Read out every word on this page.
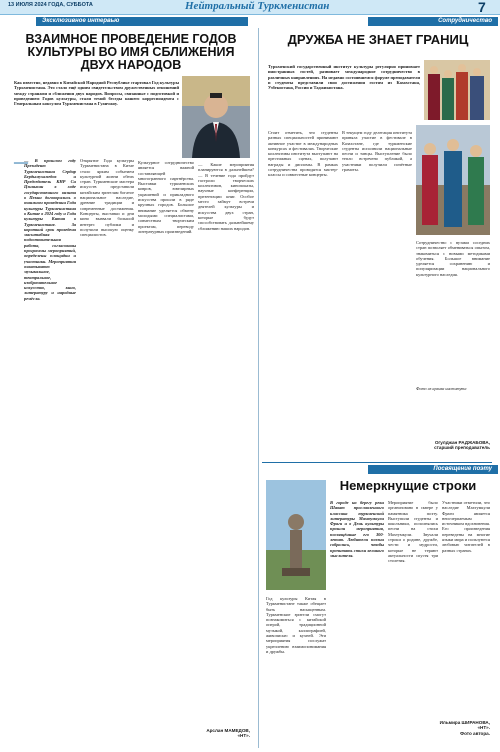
13 ИЮЛЯ 2024 ГОДА, СУББОТА	Нейтральный Туркменистан	7
Эксклюзивное интервью
ВЗАИМНОЕ ПРОВЕДЕНИЕ ГОДОВ КУЛЬТУРЫ ВО ИМЯ СБЛИЖЕНИЯ ДВУХ НАРОДОВ
Как известно, недавно в Китайской Народной Республике стартовал Год культуры Туркменистана. Это стало ещё одним свидетельством дружественных отношений между странами и сближения двух народов. Вопросы, связанные с подготовкой и проведением Годов культуры, стали темой беседы нашего корреспондента с Генеральным консулом Туркменистана в Гуанчжоу.
—
— В прошлом году Президент Туркменистана Сердар Бердымухамедов и Председатель КНР Си Цзиньпин в ходе государственного визита в Пекин договорились о взаимном проведении Года культуры Туркменистана в Китае в 2024 году и Года культуры Китая в Туркменистане. За короткий срок проведена масштабная подготовительная работа, согласованы программы мероприятий, определены площадки и участники. Мероприятия охватывают музыкальное, театральное, изобразительное искусство, кино, литературу и народные ремёсла.
Открытие Года культуры Туркменистана в Китае стало ярким событием культурной жизни обеих стран. Туркменские мастера искусств представили китайским зрителям богатое национальное наследие, древние традиции и современные достижения. Концерты, выставки и дни кино вызвали большой интерес публики и получили высокую оценку специалистов.
Культурное сотрудничество является важной составляющей многогранного партнёрства. Выставки туркменских ковров, ювелирных украшений и прикладного искусства прошли в ряде крупных городов. Большое внимание уделяется обмену молодыми специалистами, совместным творческим проектам, переводу литературных произведений.
— Какие мероприятия планируются в дальнейшем? — В течение года пройдут гастроли творческих коллективов, кинопоказы, научные конференции, презентации книг. Особое место займут встречи деятелей культуры и искусства двух стран, которые будут способствовать дальнейшему сближению наших народов.
Сотрудничество
ДРУЖБА НЕ ЗНАЕТ ГРАНИЦ
Туркменский государственный институт культуры регулярно принимает иностранных гостей, развивает международное сотрудничество в различных направлениях. На недавно состоявшемся форуме преподаватели и студенты представили свои достижения гостям из Казахстана, Узбекистана, России и Таджикистана.
Стоит отметить, что студенты разных специальностей принимают активное участие в международных конкурсах и фестивалях. Творческие коллективы института выступают на престижных сценах, получают награды и дипломы. В рамках сотрудничества проводятся мастер-классы и совместные концерты.
В текущем году делегация института приняла участие в фестивале в Казахстане, где туркменские студенты исполнили национальные песни и танцы. Выступление было тепло встречено публикой, а участники получили почётные грамоты.
Сотрудничество с вузами соседних стран позволяет обмениваться опытом, знакомиться с новыми методиками обучения. Большое внимание уделяется сохранению и популяризации национального культурного наследия.
Фото из архива института
Огулджан РАДЖАБОВА,
старший преподаватель
Посвящение поэту
Немеркнущие строки
В городе на берегу реки Шават прославленного классика туркменской литературы Махтумкули Фраги и в День культуры прошли мероприятия, посвящённые его 300-летию. Любители поэзии собрались, чтобы прочитать стихи великого мыслителя.
Мероприятие было организовано в сквере у памятника поэту. Выступили студенты и школьники, исполнялись песни на стихи Махтумкули. Звучали строки о родине, дружбе, чести и мудрости, которые не теряют актуальности спустя три столетия.
Участники отметили, что наследие Махтумкули Фраги является неисчерпаемым источником вдохновения. Его произведения переведены на многие языки мира и пользуются любовью читателей в разных странах.
Год культуры Китая в Туркменистане также обещает быть насыщенным. Туркменские зрители смогут познакомиться с китайской оперой, традиционной музыкой, каллиграфией, живописью и кухней. Эти мероприятия послужат укреплению взаимопонимания и дружбы.
Ильмира ШИРАНОВА,
«НТ».
Фото автора.
Арслан МАМЕДОВ,
«НТ».
